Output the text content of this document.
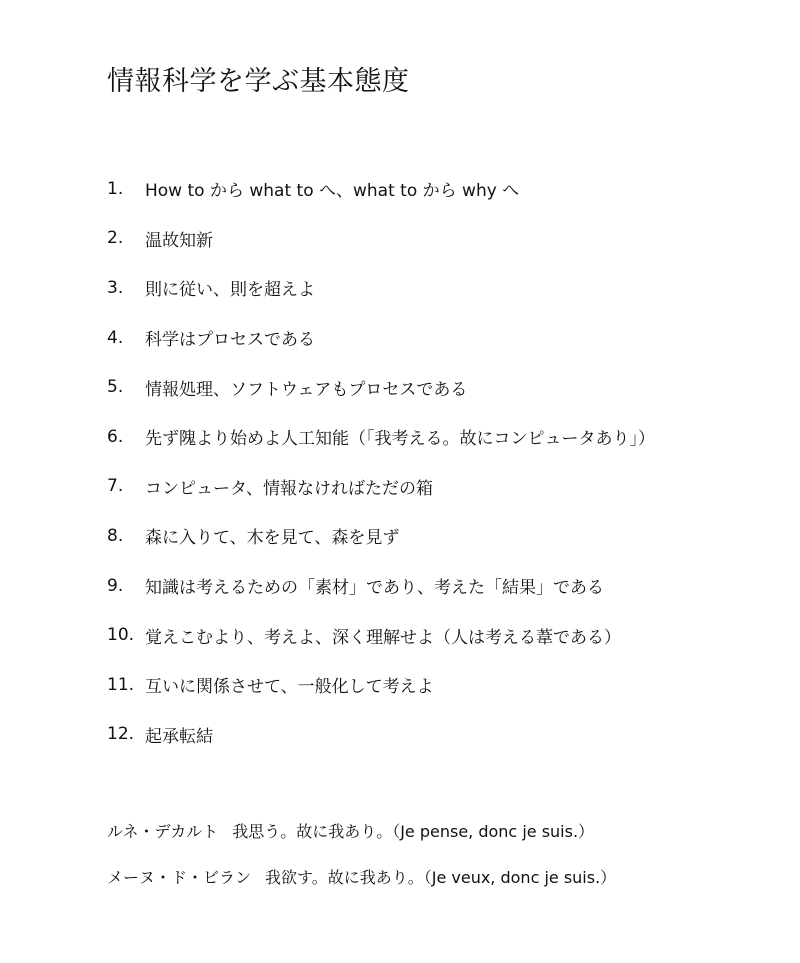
情報科学を学ぶ基本態度
1.	How to から what to へ、what to から why へ
2.	温故知新
3.	則に従い、則を超えよ
4.	科学はプロセスである
5.	情報処理、ソフトウェアもプロセスである
6.	先ず隗より始めよ人工知能（「我考える。故にコンピュータあり」）
7.	コンピュータ、情報なければただの箱
8.	森に入りて、木を見て、森を見ず
9.	知識は考えるための「素材」であり、考えた「結果」である
10. 覚えこむより、考えよ、深く理解せよ（人は考える葦である）
11. 互いに関係させて、一般化して考えよ
12. 起承転結
ルネ・デカルト 我思う。故に我あり。（Je pense, donc je suis.）
メーヌ・ド・ビラン 我欲す。故に我あり。（Je veux, donc je suis.）
